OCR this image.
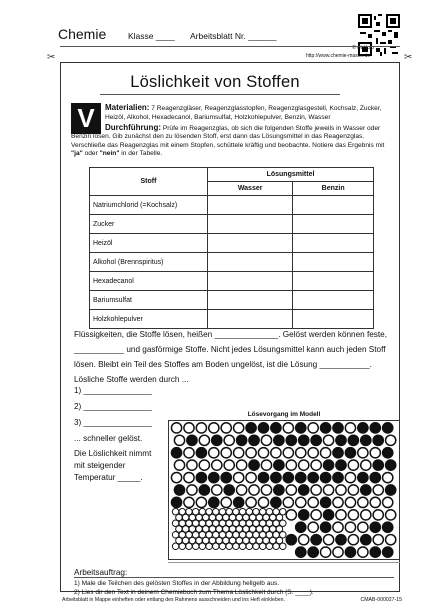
Chemie	Klasse ____ Arbeitsblatt Nr. ______
© wt / ksp
http://www.chemie-master.de
✂	✂
Löslichkeit von Stoffen
V	Materialien: 7 Reagenzgläser, Reagenzglasstopfen, Reagenzglasgestell, Kochsalz, Zucker, Heizöl, Alkohol, Hexadecanol, Bariumsulfat, Holzkohlepulver, Benzin, Wasser
Durchführung: Prüfe im Reagenzglas, ob sich die folgenden Stoffe jeweils in Wasser oder Benzin lösen. Gib zunächst den zu lösenden Stoff, erst dann das Lösungsmittel in das Reagenzglas. Verschließe das Reagenzglas mit einem Stopfen, schüttele kräftig und beobachte. Notiere das Ergebnis mit "ja" oder "nein" in der Tabelle.
Stoff	Lösungsmittel	
	Wasser	Benzin
Natriumchlorid (=Kochsalz)		
Zucker		
Heizöl		
Alkohol (Brennspiritus)		
Hexadecanol		
Bariumsulfat		
Holzkohlepulver		
Flüssigkeiten, die Stoffe lösen, heißen ______________. Gelöst werden können feste, ___________ und gasförmige Stoffe. Nicht jedes Lösungsmittel kann auch jeden Stoff lösen. Bleibt ein Teil des Stoffes am Boden ungelöst, ist die Lösung ___________. Lösliche Stoffe werden durch ...
1) _______________
2) _______________
3) _______________
... schneller gelöst.
Die Löslichkeit nimmt mit steigender Temperatur _____.
Lösevorgang im Modell
Arbeitsauftrag:
1) Male die Teilchen des gelösten Stoffes in der Abbildung hellgelb aus.
2) Lies dir den Text in deinem Chemiebuch zum Thema Löslichkeit durch (S. ____).
Arbeitsblatt in Mappe einheften oder entlang des Rahmens ausschneiden und ins Heft einkleben.	CMAB-000027-15
